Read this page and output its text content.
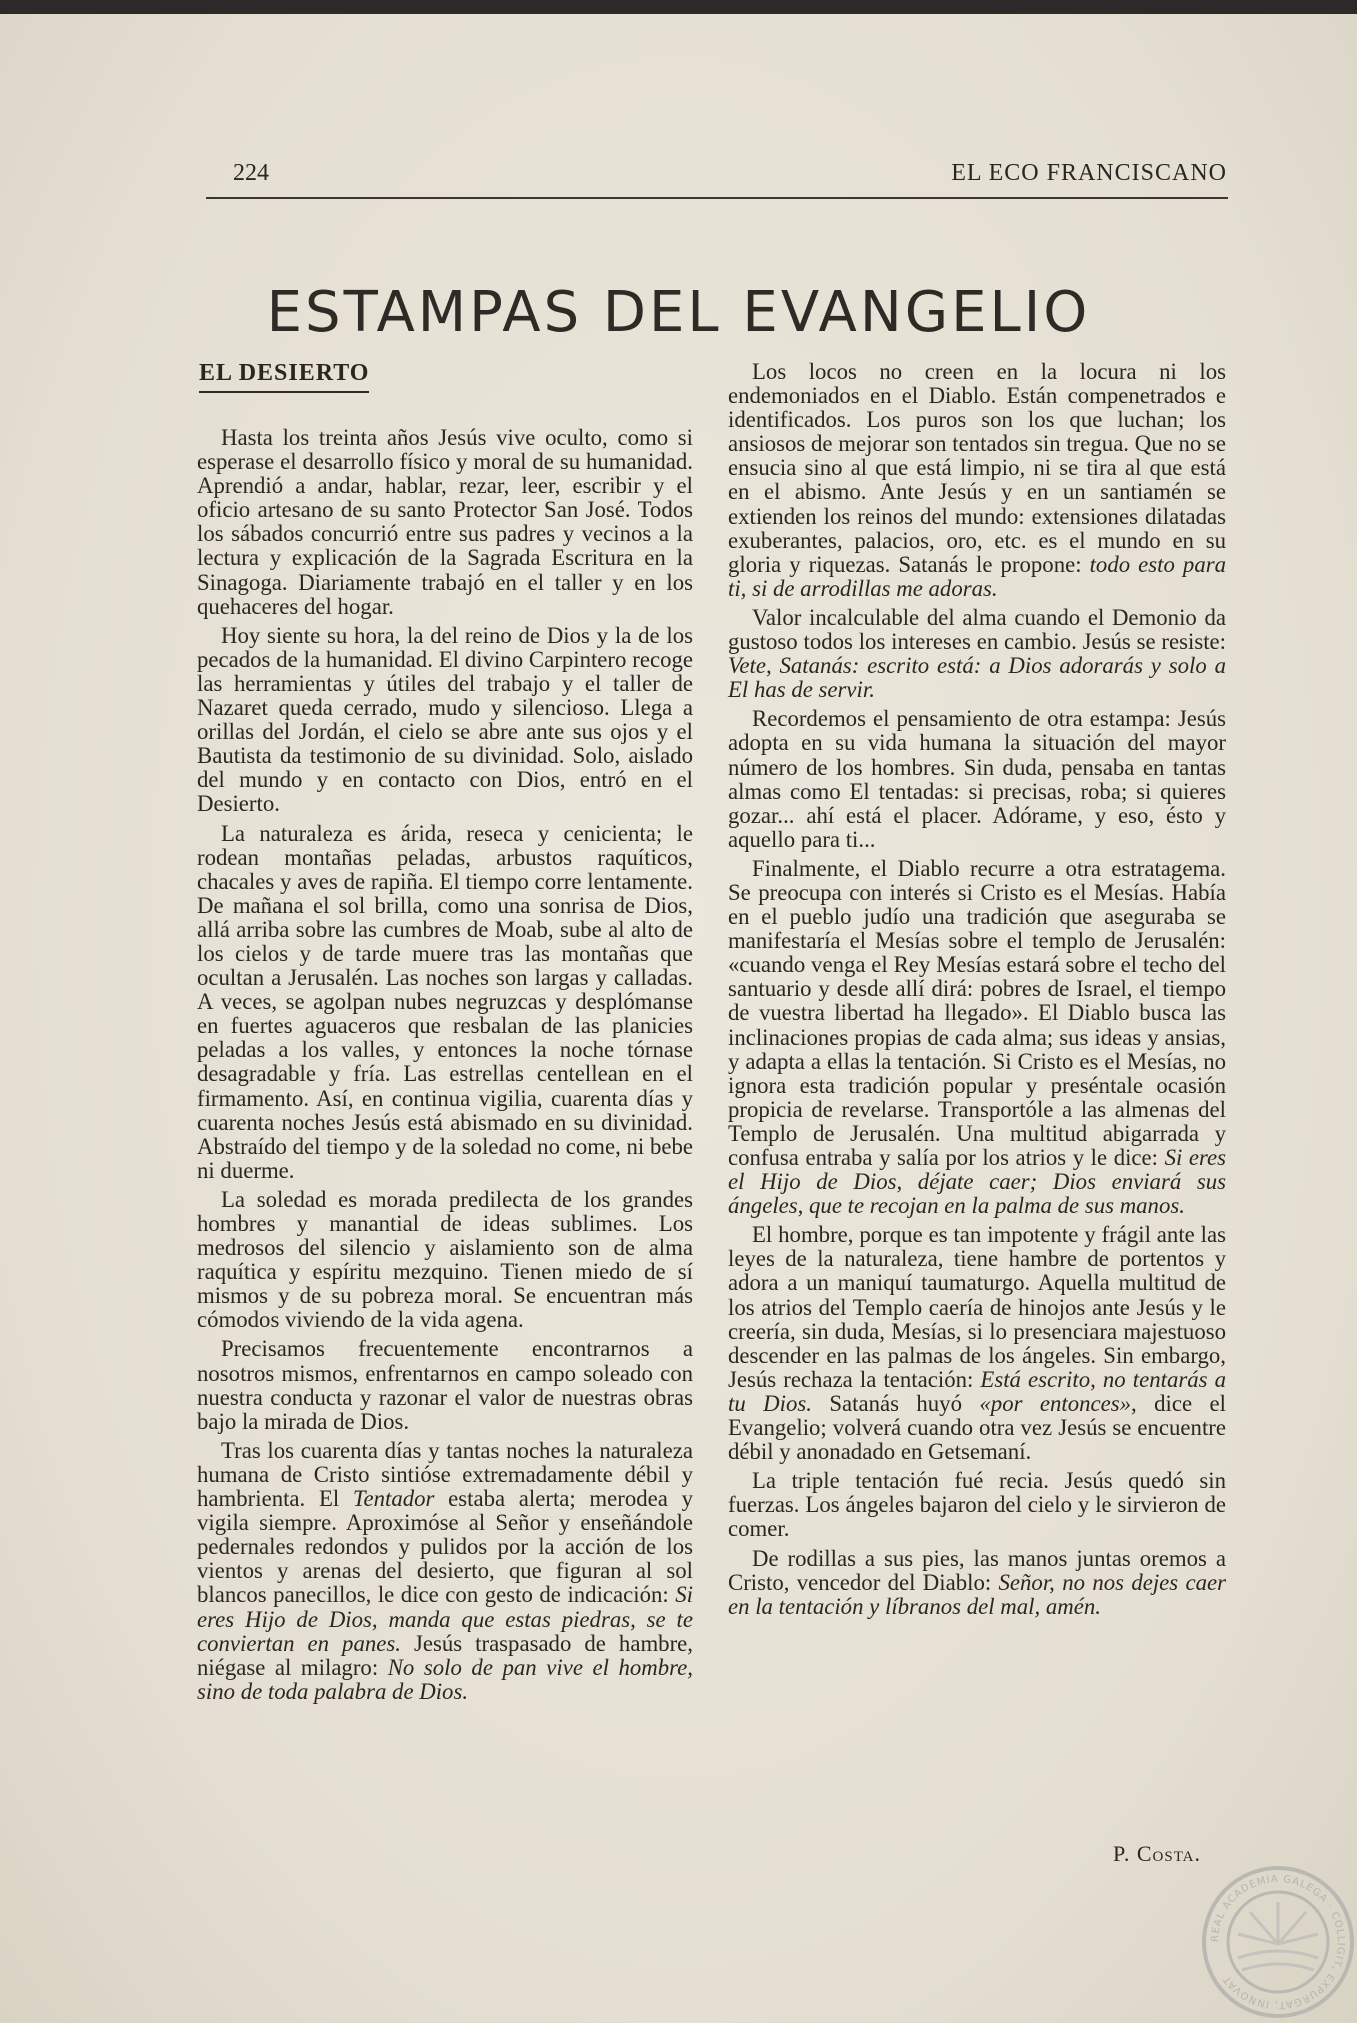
224	EL ECO FRANCISCANO
ESTAMPAS DEL EVANGELIO
EL DESIERTO

Hasta los treinta años Jesús vive oculto, como si esperase el desarrollo físico y moral de su humanidad. Aprendió a andar, hablar, rezar, leer, escribir y el oficio artesano de su santo Protector San José. Todos los sábados concurrió entre sus padres y vecinos a la lectura y explicación de la Sagrada Escritura en la Sinagoga. Diariamente trabajó en el taller y en los quehaceres del hogar.

Hoy siente su hora, la del reino de Dios y la de los pecados de la humanidad. El divino Carpintero recoge las herramientas y útiles del trabajo y el taller de Nazaret queda cerrado, mudo y silencioso. Llega a orillas del Jordán, el cielo se abre ante sus ojos y el Bautista da testimonio de su divinidad. Solo, aislado del mundo y en contacto con Dios, entró en el Desierto.

La naturaleza es árida, reseca y cenicienta; le rodean montañas peladas, arbustos raquíticos, chacales y aves de rapiña. El tiempo corre lentamente. De mañana el sol brilla, como una sonrisa de Dios, allá arriba sobre las cumbres de Moab, sube al alto de los cielos y de tarde muere tras las montañas que ocultan a Jerusalén. Las noches son largas y calladas. A veces, se agolpan nubes negruzcas y desplómanse en fuertes aguaceros que resbalan de las planicies peladas a los valles, y entonces la noche tórnase desagradable y fría. Las estrellas centellean en el firmamento. Así, en continua vigilia, cuarenta días y cuarenta noches Jesús está abismado en su divinidad. Abstraído del tiempo y de la soledad no come, ni bebe ni duerme.

La soledad es morada predilecta de los grandes hombres y manantial de ideas sublimes. Los medrosos del silencio y aislamiento son de alma raquítica y espíritu mezquino. Tienen miedo de sí mismos y de su pobreza moral. Se encuentran más cómodos viviendo de la vida agena.

Precisamos frecuentemente encontrarnos a nosotros mismos, enfrentarnos en campo soleado con nuestra conducta y razonar el valor de nuestras obras bajo la mirada de Dios.

Tras los cuarenta días y tantas noches la naturaleza humana de Cristo sintióse extremadamente débil y hambrienta. El Tentador estaba alerta; merodea y vigila siempre. Aproximóse al Señor y enseñándole pedernales redondos y pulidos por la acción de los vientos y arenas del desierto, que figuran al sol blancos panecillos, le dice con gesto de indicación: Si eres Hijo de Dios, manda que estas piedras, se te conviertan en panes. Jesús traspasado de hambre, niégase al milagro: No solo de pan vive el hombre, sino de toda palabra de Dios.

Los locos no creen en la locura ni los endemoniados en el Diablo. Están compenetrados e identificados. Los puros son los que luchan; los ansiosos de mejorar son tentados sin tregua. Que no se ensucia sino al que está limpio, ni se tira al que está en el abismo. Ante Jesús y en un santiamén se extienden los reinos del mundo: extensiones dilatadas exuberantes, palacios, oro, etc. es el mundo en su gloria y riquezas. Satanás le propone: todo esto para ti, si de arrodillas me adoras.

Valor incalculable del alma cuando el Demonio da gustoso todos los intereses en cambio. Jesús se resiste: Vete, Satanás: escrito está: a Dios adorarás y solo a El has de servir.

Recordemos el pensamiento de otra estampa: Jesús adopta en su vida humana la situación del mayor número de los hombres. Sin duda, pensaba en tantas almas como El tentadas: si precisas, roba; si quieres gozar... ahí está el placer. Adórame, y eso, ésto y aquello para ti...

Finalmente, el Diablo recurre a otra estratagema. Se preocupa con interés si Cristo es el Mesías. Había en el pueblo judío una tradición que aseguraba se manifestaría el Mesías sobre el templo de Jerusalén: «cuando venga el Rey Mesías estará sobre el techo del santuario y desde allí dirá: pobres de Israel, el tiempo de vuestra libertad ha llegado». El Diablo busca las inclinaciones propias de cada alma; sus ideas y ansias, y adapta a ellas la tentación. Si Cristo es el Mesías, no ignora esta tradición popular y preséntale ocasión propicia de revelarse. Transportóle a las almenas del Templo de Jerusalén. Una multitud abigarrada y confusa entraba y salía por los atrios y le dice: Si eres el Hijo de Dios, déjate caer; Dios enviará sus ángeles, que te recojan en la palma de sus manos.

El hombre, porque es tan impotente y frágil ante las leyes de la naturaleza, tiene hambre de portentos y adora a un maniquí taumaturgo. Aquella multitud de los atrios del Templo caería de hinojos ante Jesús y le creería, sin duda, Mesías, si lo presenciara majestuoso descender en las palmas de los ángeles. Sin embargo, Jesús rechaza la tentación: Está escrito, no tentarás a tu Dios. Satanás huyó «por entonces», dice el Evangelio; volverá cuando otra vez Jesús se encuentre débil y anonadado en Getsemaní.

La triple tentación fué recia. Jesús quedó sin fuerzas. Los ángeles bajaron del cielo y le sirvieron de comer.

De rodillas a sus pies, las manos juntas oremos a Cristo, vencedor del Diablo: Señor, no nos dejes caer en la tentación y líbranos del mal, amén.

P. Costa.
REAL ACADEMIA GALEGA · COLLIGIT, EXPURGAT, INNOVAT
